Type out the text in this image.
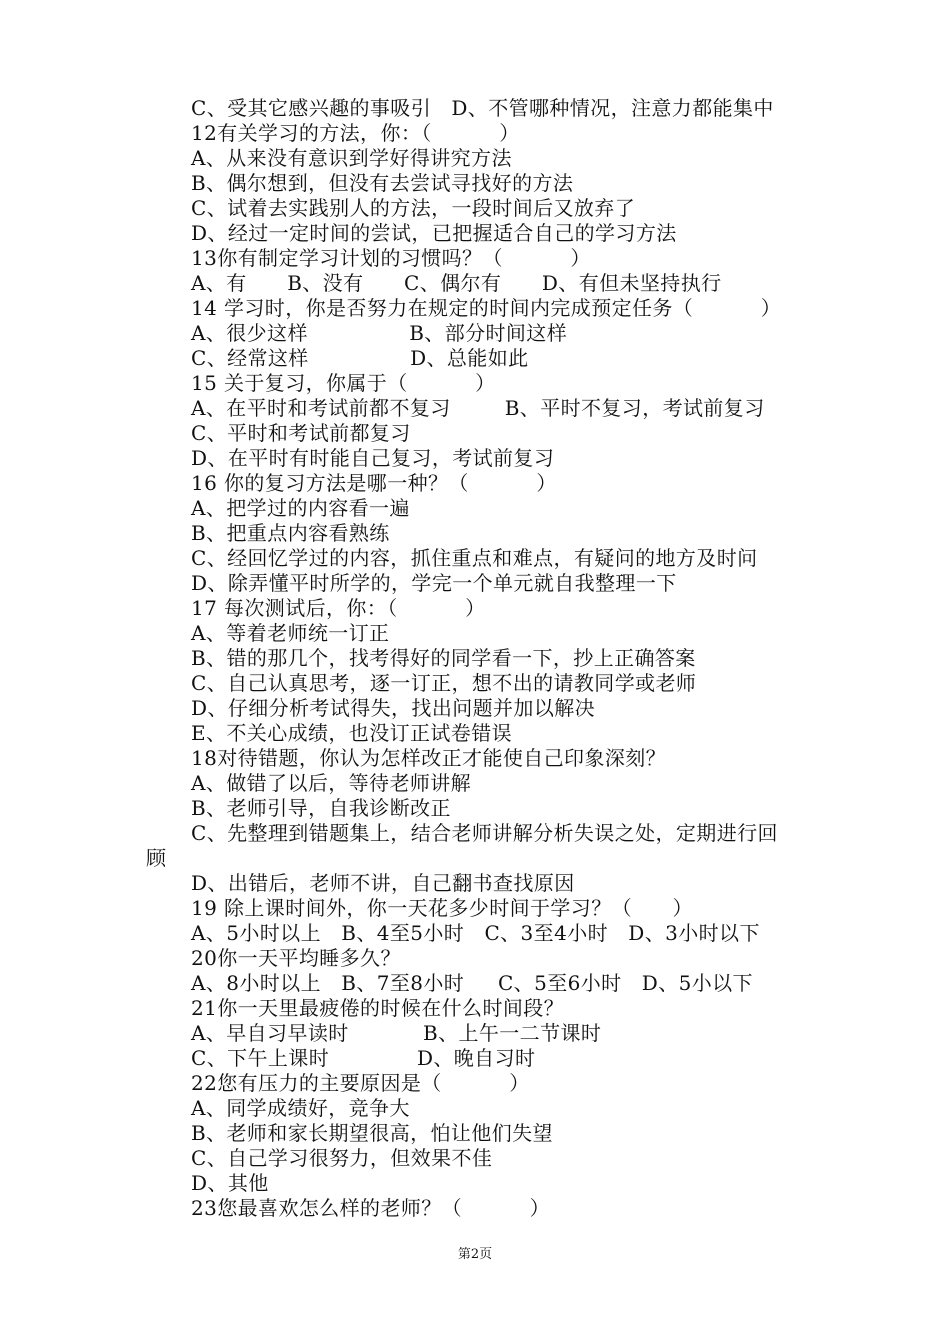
C、受其它感兴趣的事吸引   D、不管哪种情况，注意力都能集中
12有关学习的方法，你：（          ）
A、从来没有意识到学好得讲究方法
B、偶尔想到，但没有去尝试寻找好的方法
C、试着去实践别人的方法，一段时间后又放弃了
D、经过一定时间的尝试，已把握适合自己的学习方法
13你有制定学习计划的习惯吗？（          ）
A、有      B、没有      C、偶尔有      D、有但未坚持执行
14 学习时，你是否努力在规定的时间内完成预定任务（          ）
A、很少这样               B、部分时间这样
C、经常这样               D、总能如此
15 关于复习，你属于（          ）
A、在平时和考试前都不复习        B、平时不复习，考试前复习
C、平时和考试前都复习
D、在平时有时能自己复习，考试前复习
16 你的复习方法是哪一种？（          ）
A、把学过的内容看一遍
B、把重点内容看熟练
C、经回忆学过的内容，抓住重点和难点，有疑问的地方及时问
D、除弄懂平时所学的，学完一个单元就自我整理一下
17 每次测试后，你：（          ）
A、等着老师统一订正
B、错的那几个，找考得好的同学看一下，抄上正确答案
C、自己认真思考，逐一订正，想不出的请教同学或老师
D、仔细分析考试得失，找出问题并加以解决
E、不关心成绩，也没订正试卷错误
18对待错题，你认为怎样改正才能使自己印象深刻？
A、做错了以后，等待老师讲解
B、老师引导，自我诊断改正
C、先整理到错题集上，结合老师讲解分析失误之处，定期进行回
顾
D、出错后，老师不讲，自己翻书查找原因
19 除上课时间外，你一天花多少时间于学习？（      ）
A、5小时以上   B、4至5小时   C、3至4小时   D、3小时以下
20你一天平均睡多久？
A、8小时以上   B、7至8小时     C、5至6小时   D、5小以下
21你一天里最疲倦的时候在什么时间段？
A、早自习早读时           B、上午一二节课时
C、下午上课时             D、晚自习时
22您有压力的主要原因是（          ）
A、同学成绩好，竞争大
B、老师和家长期望很高，怕让他们失望
C、自己学习很努力，但效果不佳
D、其他
23您最喜欢怎么样的老师？（          ）
第2页
